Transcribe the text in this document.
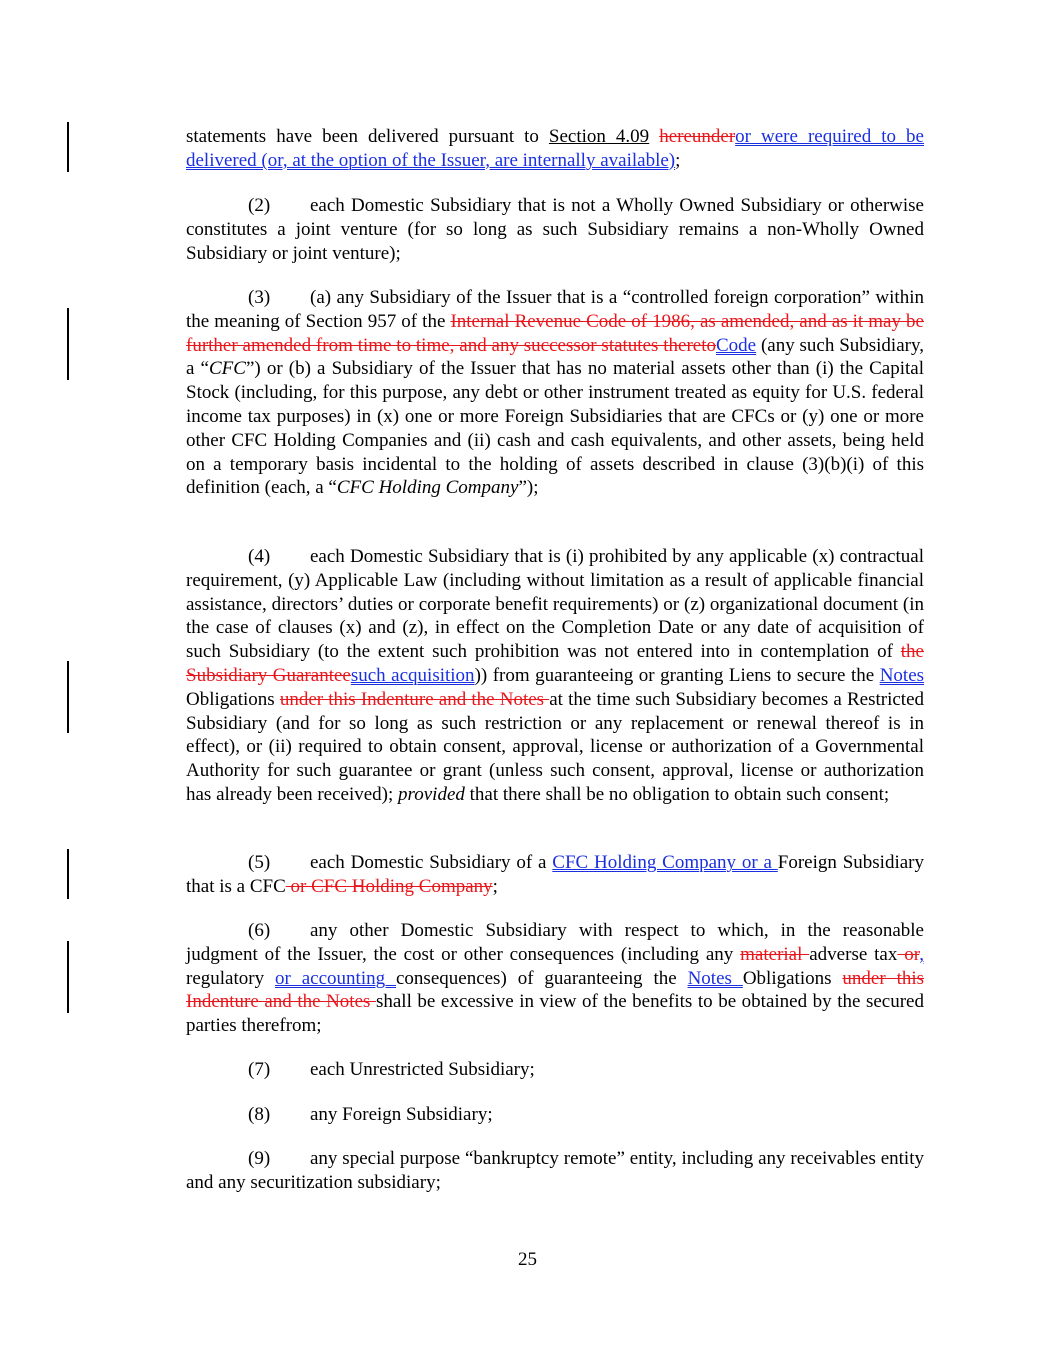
statements have been delivered pursuant to Section 4.09 hereunderor were required to be delivered (or, at the option of the Issuer, are internally available);
(2) each Domestic Subsidiary that is not a Wholly Owned Subsidiary or otherwise constitutes a joint venture (for so long as such Subsidiary remains a non-Wholly Owned Subsidiary or joint venture);
(3) (a) any Subsidiary of the Issuer that is a “controlled foreign corporation” within the meaning of Section 957 of the Internal Revenue Code of 1986, as amended, and as it may be further amended from time to time, and any successor statutes theretoCode (any such Subsidiary, a “CFC”) or (b) a Subsidiary of the Issuer that has no material assets other than (i) the Capital Stock (including, for this purpose, any debt or other instrument treated as equity for U.S. federal income tax purposes) in (x) one or more Foreign Subsidiaries that are CFCs or (y) one or more other CFC Holding Companies and (ii) cash and cash equivalents, and other assets, being held on a temporary basis incidental to the holding of assets described in clause (3)(b)(i) of this definition (each, a “CFC Holding Company”);
(4) each Domestic Subsidiary that is (i) prohibited by any applicable (x) contractual requirement, (y) Applicable Law (including without limitation as a result of applicable financial assistance, directors’ duties or corporate benefit requirements) or (z) organizational document (in the case of clauses (x) and (z), in effect on the Completion Date or any date of acquisition of such Subsidiary (to the extent such prohibition was not entered into in contemplation of the Subsidiary Guaranteesuch acquisition)) from guaranteeing or granting Liens to secure the Notes Obligations under this Indenture and the Notes at the time such Subsidiary becomes a Restricted Subsidiary (and for so long as such restriction or any replacement or renewal thereof is in effect), or (ii) required to obtain consent, approval, license or authorization of a Governmental Authority for such guarantee or grant (unless such consent, approval, license or authorization has already been received); provided that there shall be no obligation to obtain such consent;
(5) each Domestic Subsidiary of a CFC Holding Company or a Foreign Subsidiary that is a CFC or CFC Holding Company;
(6) any other Domestic Subsidiary with respect to which, in the reasonable judgment of the Issuer, the cost or other consequences (including any material adverse tax or, regulatory or accounting consequences) of guaranteeing the Notes Obligations under this Indenture and the Notes shall be excessive in view of the benefits to be obtained by the secured parties therefrom;
(7) each Unrestricted Subsidiary;
(8) any Foreign Subsidiary;
(9) any special purpose “bankruptcy remote” entity, including any receivables entity and any securitization subsidiary;
25
